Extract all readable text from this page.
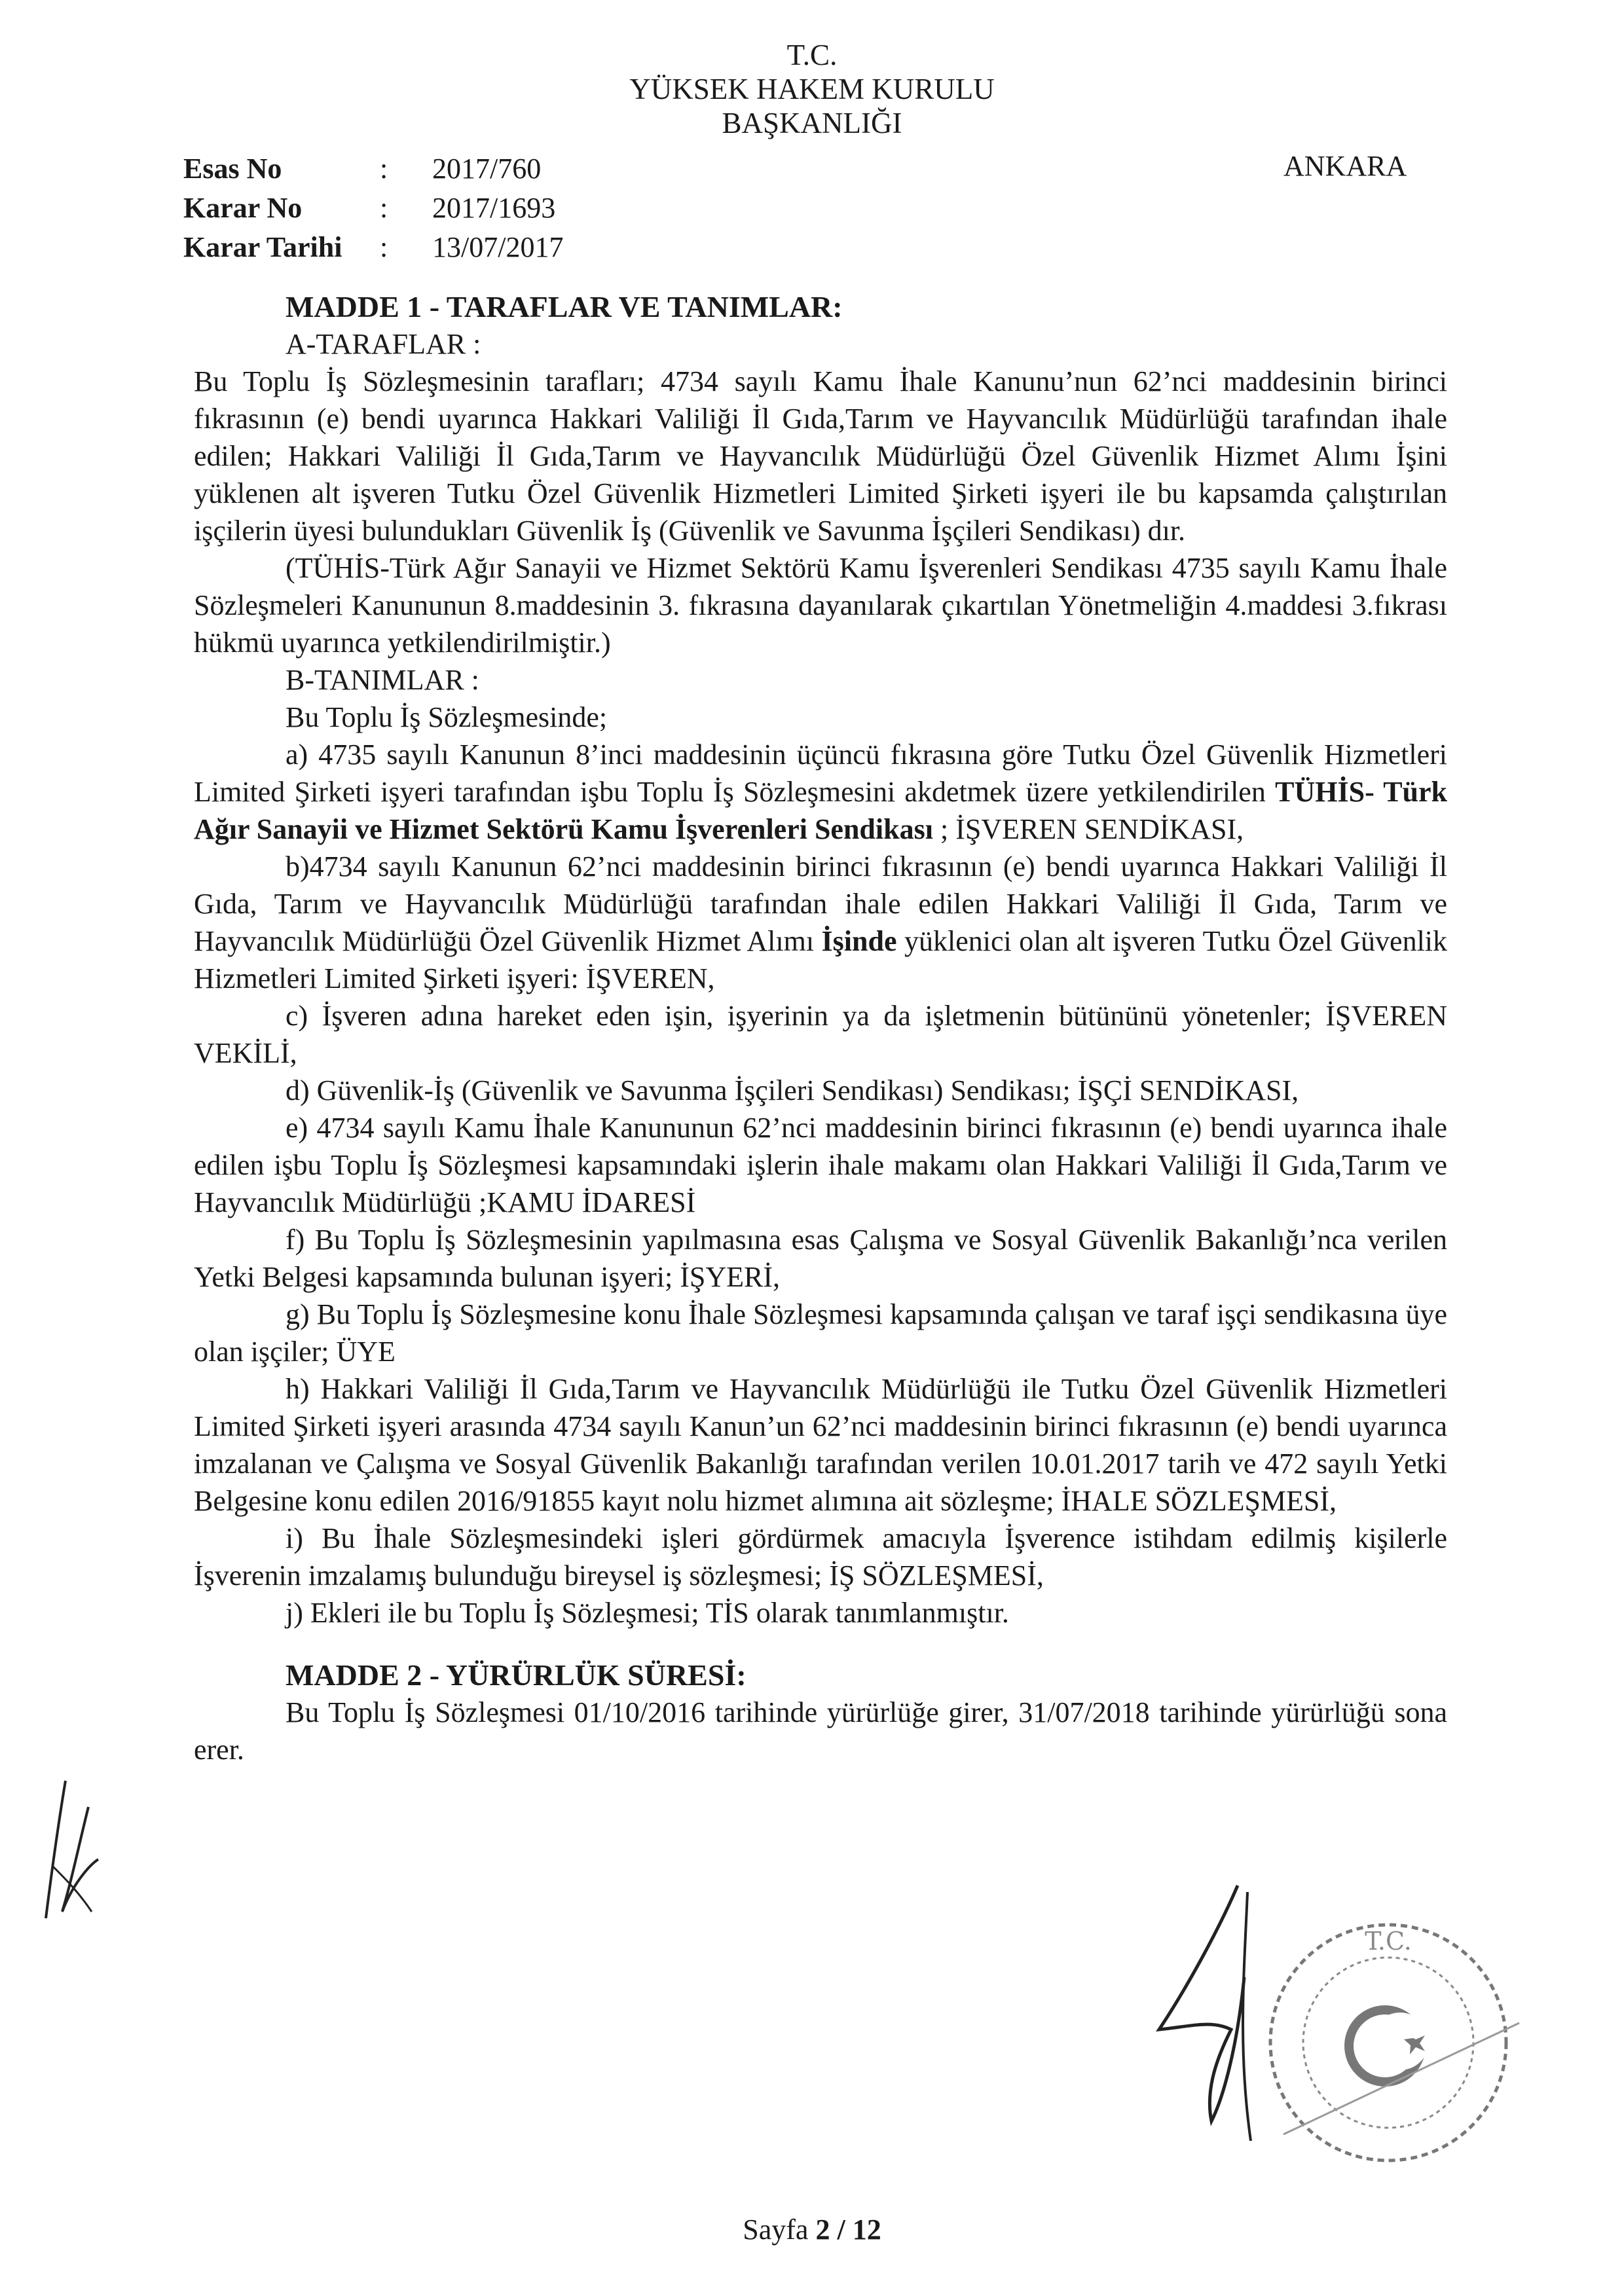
T.C.
YÜKSEK HAKEM KURULU
BAŞKANLIĞI
Esas No	:	2017/760
Karar No	:	2017/1693
Karar Tarihi	:	13/07/2017
ANKARA

MADDE 1 - TARAFLAR VE TANIMLAR:

A-TARAFLAR :

Bu Toplu İş Sözleşmesinin tarafları; 4734 sayılı Kamu İhale Kanunu’nun 62’nci maddesinin birinci fıkrasının (e) bendi uyarınca Hakkari Valiliği İl Gıda,Tarım ve Hayvancılık Müdürlüğü tarafından ihale edilen; Hakkari Valiliği İl Gıda,Tarım ve Hayvancılık Müdürlüğü Özel Güvenlik Hizmet Alımı İşini yüklenen alt işveren Tutku Özel Güvenlik Hizmetleri Limited Şirketi işyeri ile bu kapsamda çalıştırılan işçilerin üyesi bulundukları Güvenlik İş (Güvenlik ve Savunma İşçileri Sendikası) dır.

(TÜHİS-Türk Ağır Sanayii ve Hizmet Sektörü Kamu İşverenleri Sendikası 4735 sayılı Kamu İhale Sözleşmeleri Kanununun 8.maddesinin 3. fıkrasına dayanılarak çıkartılan Yönetmeliğin 4.maddesi 3.fıkrası hükmü uyarınca yetkilendirilmiştir.)

B-TANIMLAR :

Bu Toplu İş Sözleşmesinde;

a) 4735 sayılı Kanunun 8’inci maddesinin üçüncü fıkrasına göre Tutku Özel Güvenlik Hizmetleri Limited Şirketi işyeri tarafından işbu Toplu İş Sözleşmesini akdetmek üzere yetkilendirilen TÜHİS- Türk Ağır Sanayii ve Hizmet Sektörü Kamu İşverenleri Sendikası ; İŞVEREN SENDİKASI,

b)4734 sayılı Kanunun 62’nci maddesinin birinci fıkrasının (e) bendi uyarınca Hakkari Valiliği İl Gıda, Tarım ve Hayvancılık Müdürlüğü tarafından ihale edilen Hakkari Valiliği İl Gıda, Tarım ve Hayvancılık Müdürlüğü Özel Güvenlik Hizmet Alımı İşinde yüklenici olan alt işveren Tutku Özel Güvenlik Hizmetleri Limited Şirketi işyeri: İŞVEREN,

c) İşveren adına hareket eden işin, işyerinin ya da işletmenin bütününü yönetenler; İŞVEREN VEKİLİ,

d) Güvenlik-İş (Güvenlik ve Savunma İşçileri Sendikası) Sendikası; İŞÇİ SENDİKASI,

e) 4734 sayılı Kamu İhale Kanununun 62’nci maddesinin birinci fıkrasının (e) bendi uyarınca ihale edilen işbu Toplu İş Sözleşmesi kapsamındaki işlerin ihale makamı olan Hakkari Valiliği İl Gıda,Tarım ve Hayvancılık Müdürlüğü ;KAMU İDARESİ

f) Bu Toplu İş Sözleşmesinin yapılmasına esas Çalışma ve Sosyal Güvenlik Bakanlığı’nca verilen Yetki Belgesi kapsamında bulunan işyeri; İŞYERİ,

g) Bu Toplu İş Sözleşmesine konu İhale Sözleşmesi kapsamında çalışan ve taraf işçi sendikasına üye olan işçiler; ÜYE

h) Hakkari Valiliği İl Gıda,Tarım ve Hayvancılık Müdürlüğü ile Tutku Özel Güvenlik Hizmetleri Limited Şirketi işyeri arasında 4734 sayılı Kanun’un 62’nci maddesinin birinci fıkrasının (e) bendi uyarınca imzalanan ve Çalışma ve Sosyal Güvenlik Bakanlığı tarafından verilen 10.01.2017 tarih ve 472 sayılı Yetki Belgesine konu edilen 2016/91855 kayıt nolu hizmet alımına ait sözleşme; İHALE SÖZLEŞMESİ,

i) Bu İhale Sözleşmesindeki işleri gördürmek amacıyla İşverence istihdam edilmiş kişilerle İşverenin imzalamış bulunduğu bireysel iş sözleşmesi; İŞ SÖZLEŞMESİ,

j) Ekleri ile bu Toplu İş Sözleşmesi; TİS olarak tanımlanmıştır.

MADDE 2 - YÜRÜRLÜK SÜRESİ:

Bu Toplu İş Sözleşmesi 01/10/2016 tarihinde yürürlüğe girer, 31/07/2018 tarihinde yürürlüğü sona erer.

T.C.
Sayfa 2 / 12
